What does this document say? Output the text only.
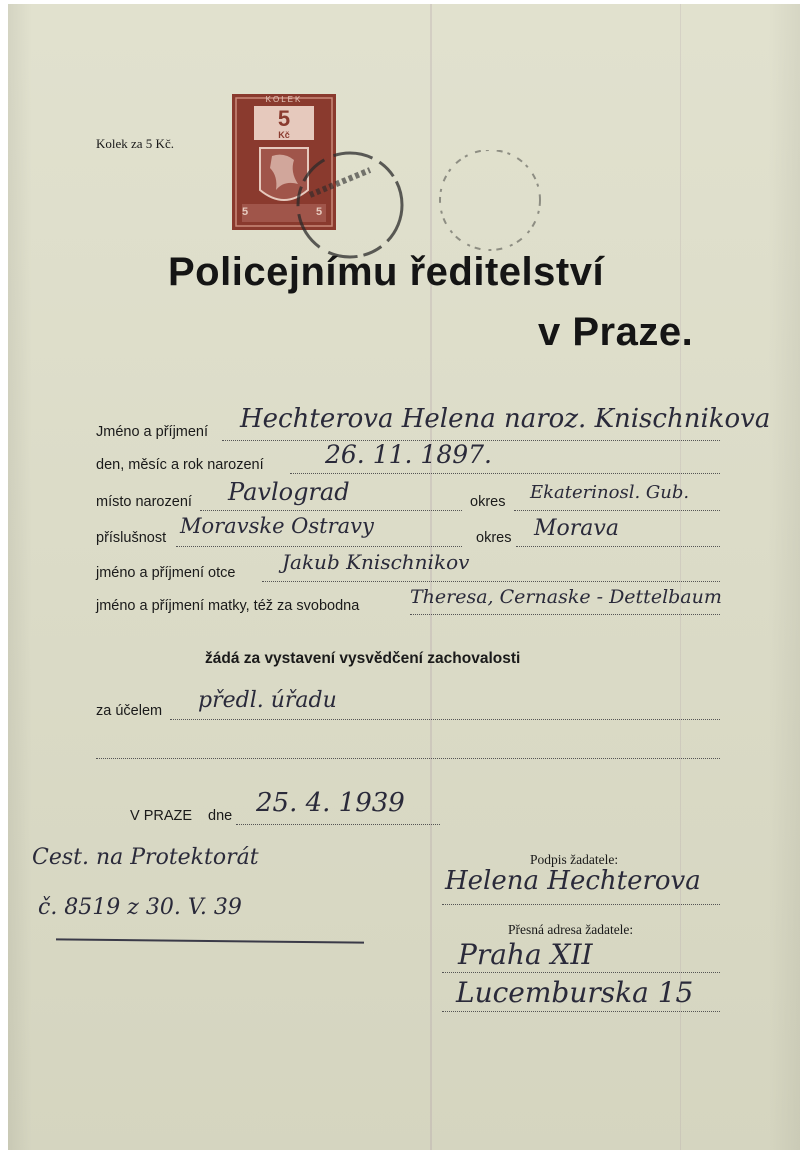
Kolek za 5 Kč.
KOLEK
5
Kč
5	5
Policejnímu ředitelství
v Praze.
Jméno a příjmení Hechterova Helena naroz. Knischnikova
den, měsíc a rok narození 26. 11. 1897.
místo narození Pavlograd	okres Ekaterinosl. Gub.
příslušnost Moravske Ostravy	okres Morava
jméno a příjmení otce Jakub Knischnikov
jméno a příjmení matky, též za svobodna	Theresa, Cernaske - Dettelbaum
žádá za vystavení vysvědčení zachovalosti
za účelem předl. úřadu
V PRAZE dne 25. 4. 1939
Cest. na Protektorát
č. 8519 z 30. V. 39
Podpis žadatele:
Helena Hechterova
Přesná adresa žadatele:
Praha XII
Lucemburska 15
